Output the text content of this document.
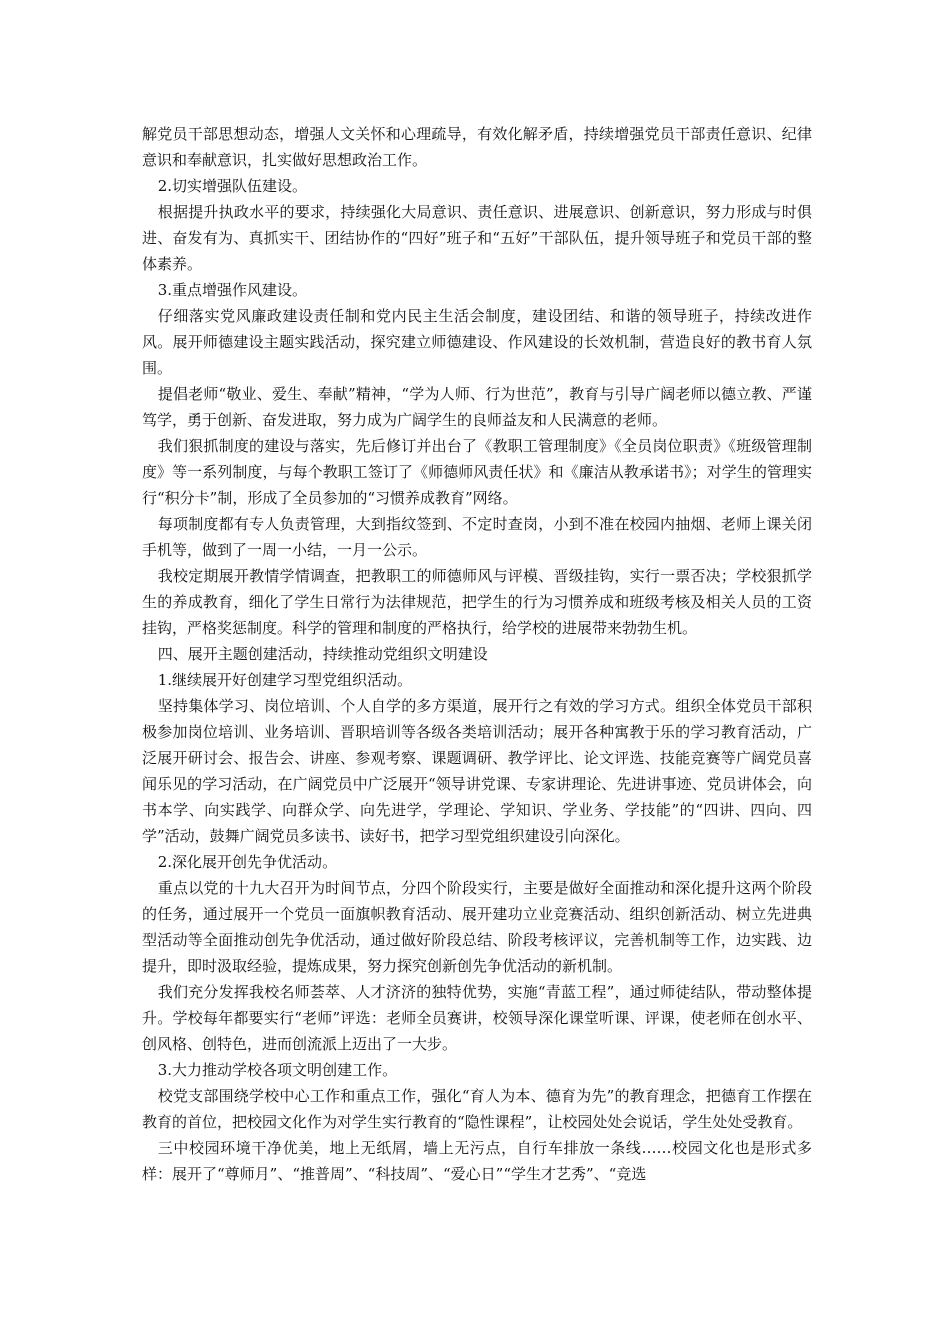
解党员干部思想动态，增强人文关怀和心理疏导，有效化解矛盾，持续增强党员干部责任意识、纪律意识和奉献意识，扎实做好思想政治工作。

2.切实增强队伍建设。

根据提升执政水平的要求，持续强化大局意识、责任意识、进展意识、创新意识，努力形成与时俱进、奋发有为、真抓实干、团结协作的“四好”班子和“五好”干部队伍，提升领导班子和党员干部的整体素养。

3.重点增强作风建设。

仔细落实党风廉政建设责任制和党内民主生活会制度，建设团结、和谐的领导班子，持续改进作风。展开师德建设主题实践活动，探究建立师德建设、作风建设的长效机制，营造良好的教书育人氛围。

提倡老师“敬业、爱生、奉献”精神，“学为人师、行为世范”，教育与引导广阔老师以德立教、严谨笃学，勇于创新、奋发进取，努力成为广阔学生的良师益友和人民满意的老师。

我们狠抓制度的建设与落实，先后修订并出台了《教职工管理制度》《全员岗位职责》《班级管理制度》等一系列制度，与每个教职工签订了《师德师风责任状》和《廉洁从教承诺书》；对学生的管理实行“积分卡”制，形成了全员参加的“习惯养成教育”网络。

每项制度都有专人负责管理，大到指纹签到、不定时查岗，小到不准在校园内抽烟、老师上课关闭手机等，做到了一周一小结，一月一公示。

我校定期展开教情学情调查，把教职工的师德师风与评模、晋级挂钩，实行一票否决；学校狠抓学生的养成教育，细化了学生日常行为法律规范，把学生的行为习惯养成和班级考核及相关人员的工资挂钩，严格奖惩制度。科学的管理和制度的严格执行，给学校的进展带来勃勃生机。

四、展开主题创建活动，持续推动党组织文明建设

1.继续展开好创建学习型党组织活动。

坚持集体学习、岗位培训、个人自学的多方渠道，展开行之有效的学习方式。组织全体党员干部积极参加岗位培训、业务培训、晋职培训等各级各类培训活动；展开各种寓教于乐的学习教育活动，广泛展开研讨会、报告会、讲座、参观考察、课题调研、教学评比、论文评选、技能竞赛等广阔党员喜闻乐见的学习活动，在广阔党员中广泛展开“领导讲党课、专家讲理论、先进讲事迹、党员讲体会，向书本学、向实践学、向群众学、向先进学，学理论、学知识、学业务、学技能”的“四讲、四向、四学”活动，鼓舞广阔党员多读书、读好书，把学习型党组织建设引向深化。

2.深化展开创先争优活动。

重点以党的十九大召开为时间节点，分四个阶段实行，主要是做好全面推动和深化提升这两个阶段的任务，通过展开一个党员一面旗帜教育活动、展开建功立业竞赛活动、组织创新活动、树立先进典型活动等全面推动创先争优活动，通过做好阶段总结、阶段考核评议，完善机制等工作，边实践、边提升，即时汲取经验，提炼成果，努力探究创新创先争优活动的新机制。

我们充分发挥我校名师荟萃、人才济济的独特优势，实施“青蓝工程”，通过师徒结队，带动整体提升。学校每年都要实行“老师”评选：老师全员赛讲，校领导深化课堂听课、评课，使老师在创水平、创风格、创特色，进而创流派上迈出了一大步。

3.大力推动学校各项文明创建工作。

校党支部围绕学校中心工作和重点工作，强化“育人为本、德育为先”的教育理念，把德育工作摆在教育的首位，把校园文化作为对学生实行教育的“隐性课程”，让校园处处会说话，学生处处受教育。

三中校园环境干净优美，地上无纸屑，墙上无污点，自行车排放一条线……校园文化也是形式多样：展开了“尊师月”、“推普周”、“科技周”、“爱心日”“学生才艺秀”、“竞选
